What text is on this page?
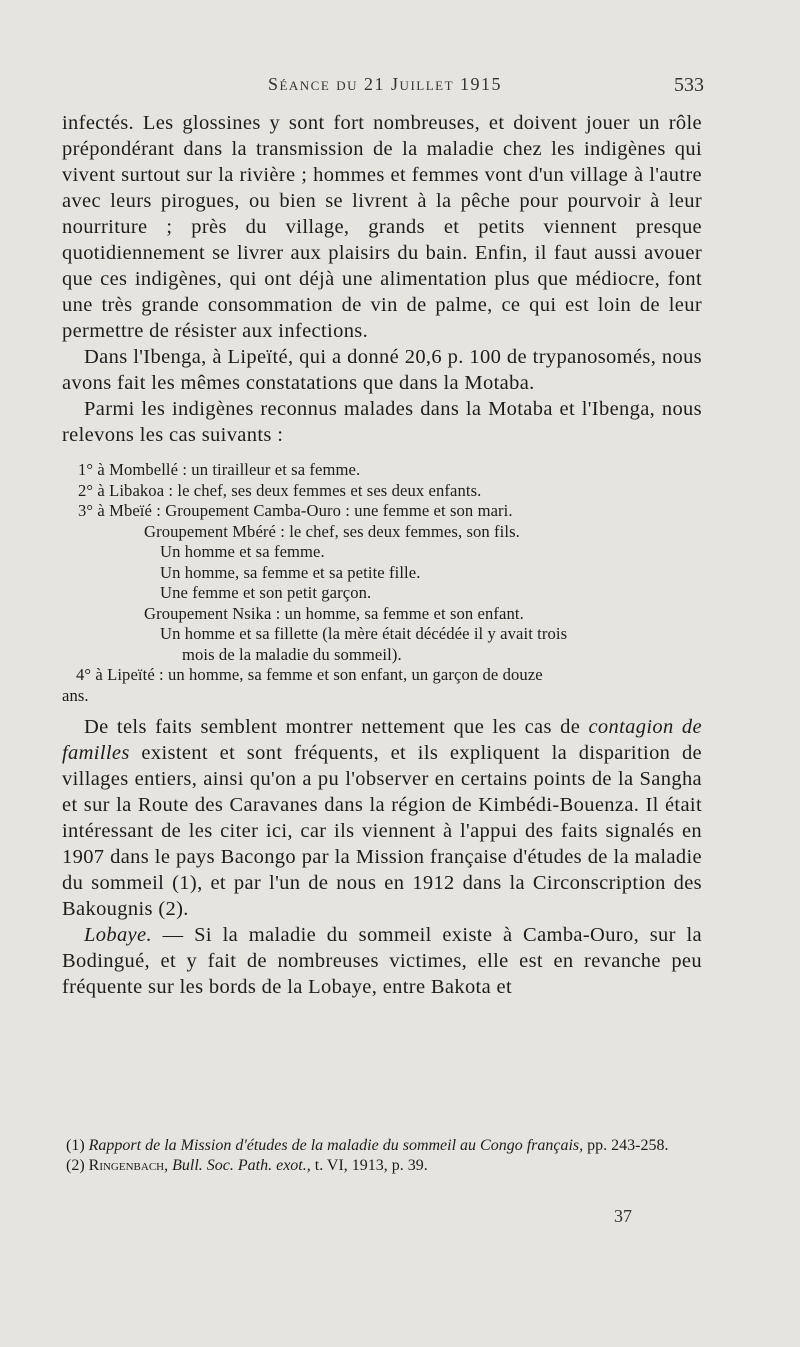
Séance du 21 Juillet 1915	533

infectés. Les glossines y sont fort nombreuses, et doivent jouer un rôle prépondérant dans la transmission de la maladie chez les indigènes qui vivent surtout sur la rivière ; hommes et femmes vont d'un village à l'autre avec leurs pirogues, ou bien se livrent à la pêche pour pourvoir à leur nourriture ; près du village, grands et petits viennent presque quotidiennement se livrer aux plaisirs du bain. Enfin, il faut aussi avouer que ces indigènes, qui ont déjà une alimentation plus que médiocre, font une très grande consommation de vin de palme, ce qui est loin de leur permettre de résister aux infections.

Dans l'Ibenga, à Lipeïté, qui a donné 20,6 p. 100 de trypanosomés, nous avons fait les mêmes constatations que dans la Motaba.

Parmi les indigènes reconnus malades dans la Motaba et l'Ibenga, nous relevons les cas suivants :

1° à Mombellé : un tirailleur et sa femme.
2° à Libakoa : le chef, ses deux femmes et ses deux enfants.
3° à Mbeïé : Groupement Camba-Ouro : une femme et son mari.
Groupement Mbéré : le chef, ses deux femmes, son fils.
Un homme et sa femme.
Un homme, sa femme et sa petite fille.
Une femme et son petit garçon.
Groupement Nsika : un homme, sa femme et son enfant.
Un homme et sa fillette (la mère était décédée il y avait trois
mois de la maladie du sommeil).
4° à Lipeïté : un homme, sa femme et son enfant, un garçon de douze
ans.

De tels faits semblent montrer nettement que les cas de contagion de familles existent et sont fréquents, et ils expliquent la disparition de villages entiers, ainsi qu'on a pu l'observer en certains points de la Sangha et sur la Route des Caravanes dans la région de Kimbédi-Bouenza. Il était intéressant de les citer ici, car ils viennent à l'appui des faits signalés en 1907 dans le pays Bacongo par la Mission française d'études de la maladie du sommeil (1), et par l'un de nous en 1912 dans la Circonscription des Bakougnis (2).

Lobaye. — Si la maladie du sommeil existe à Camba-Ouro, sur la Bodingué, et y fait de nombreuses victimes, elle est en revanche peu fréquente sur les bords de la Lobaye, entre Bakota et

(1) Rapport de la Mission d'études de la maladie du sommeil au Congo français, pp. 243-258.

(2) Ringenbach, Bull. Soc. Path. exot., t. VI, 1913, p. 39.

37
